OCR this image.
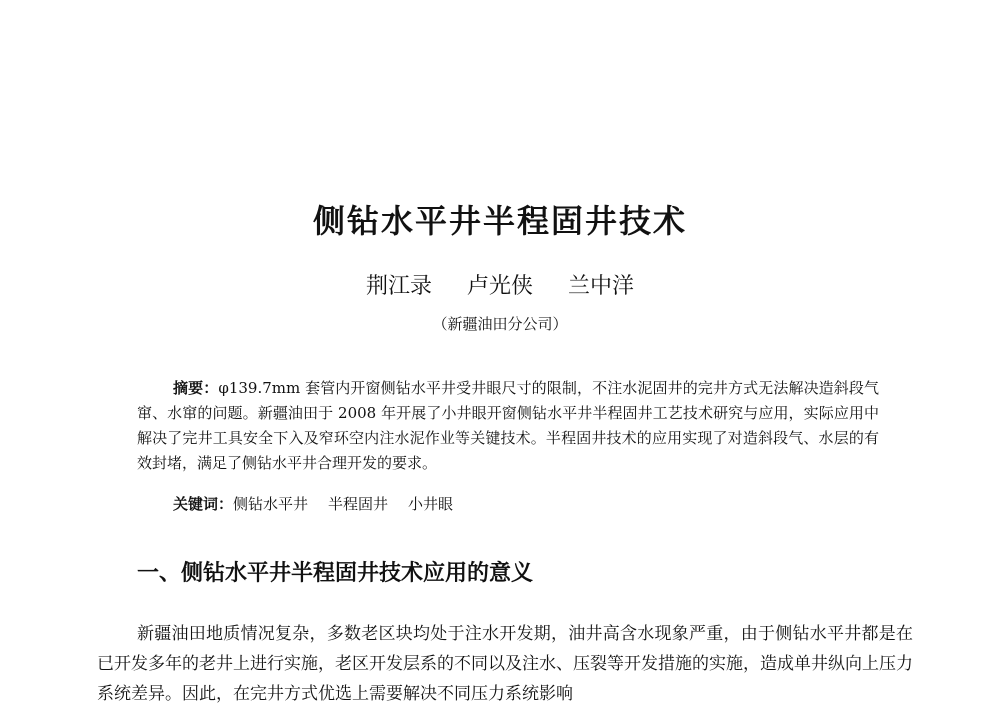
侧钻水平井半程固井技术
荆江录 卢光侠 兰中洋
（新疆油田分公司）
摘要：φ139.7mm 套管内开窗侧钻水平井受井眼尺寸的限制，不注水泥固井的完井方式无法解决造斜段气窜、水窜的问题。新疆油田于 2008 年开展了小井眼开窗侧钻水平井半程固井工艺技术研究与应用，实际应用中解决了完井工具安全下入及窄环空内注水泥作业等关键技术。半程固井技术的应用实现了对造斜段气、水层的有效封堵，满足了侧钻水平井合理开发的要求。
关键词：侧钻水平井 半程固井 小井眼
一、侧钻水平井半程固井技术应用的意义
新疆油田地质情况复杂，多数老区块均处于注水开发期，油井高含水现象严重，由于侧钻水平井都是在已开发多年的老井上进行实施，老区开发层系的不同以及注水、压裂等开发措施的实施，造成单井纵向上压力系统差异。因此，在完井方式优选上需要解决不同压力系统影响
